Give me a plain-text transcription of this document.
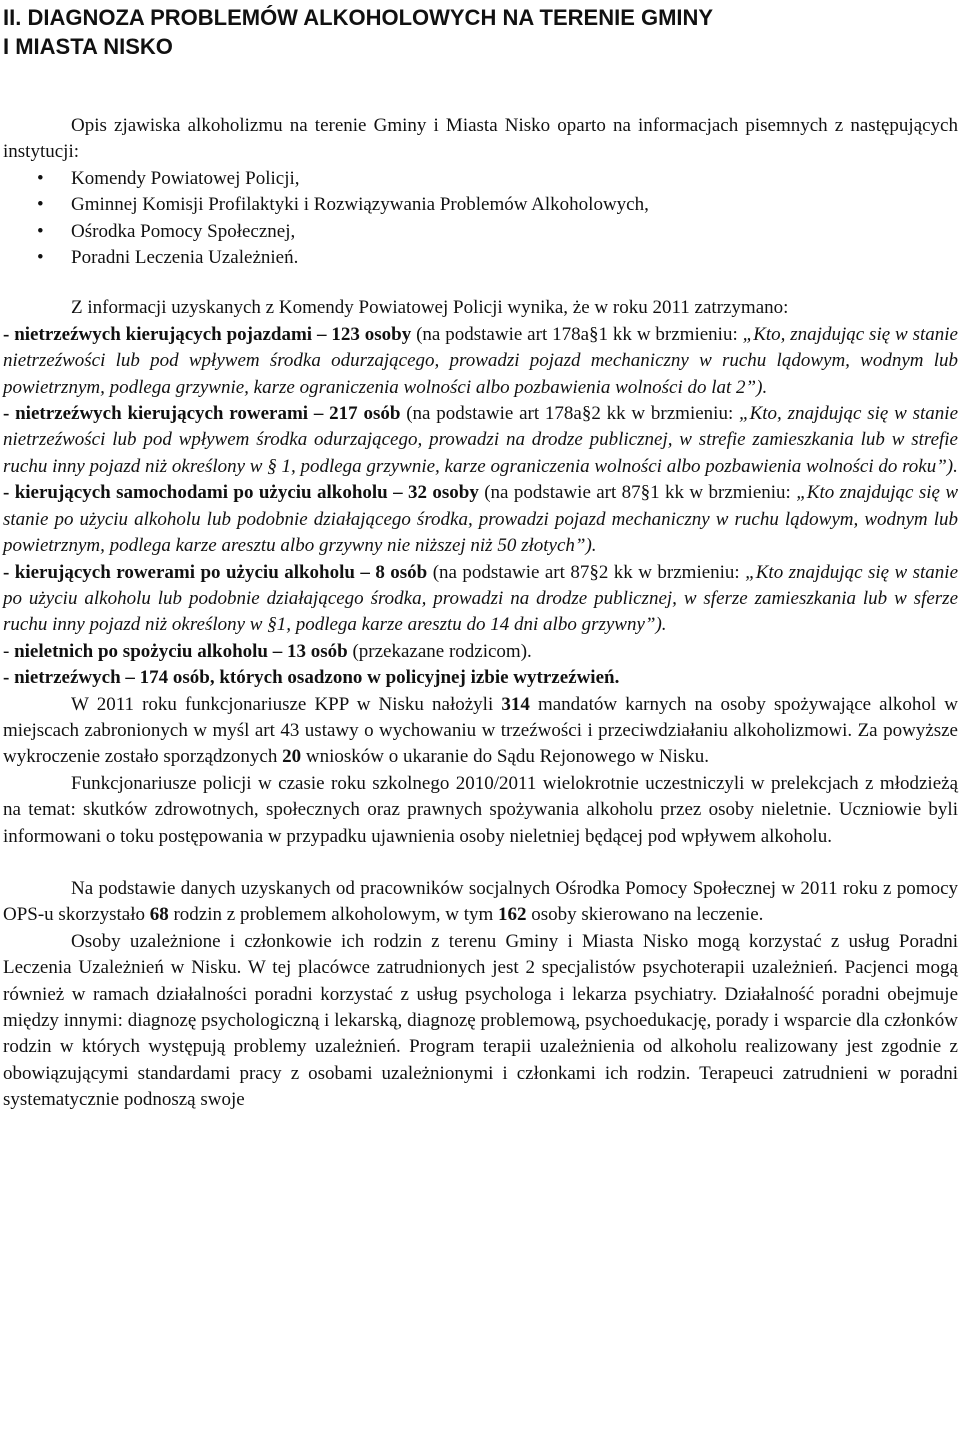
II. DIAGNOZA PROBLEMÓW ALKOHOLOWYCH NA TERENIE GMINY
I MIASTA NISKO

Opis zjawiska alkoholizmu na terenie Gminy i Miasta Nisko oparto na informacjach pisemnych z następujących instytucji:

• Komendy Powiatowej Policji,
• Gminnej Komisji Profilaktyki i Rozwiązywania Problemów Alkoholowych,
• Ośrodka Pomocy Społecznej,
• Poradni Leczenia Uzależnień.

Z informacji uzyskanych z Komendy Powiatowej Policji wynika, że w roku 2011 zatrzymano:

- nietrzeźwych kierujących pojazdami – 123 osoby (na podstawie art 178a§1 kk w brzmieniu: „Kto, znajdując się w stanie nietrzeźwości lub pod wpływem środka odurzającego, prowadzi pojazd mechaniczny w ruchu lądowym, wodnym lub powietrznym, podlega grzywnie, karze ograniczenia wolności albo pozbawienia wolności do lat 2”).

- nietrzeźwych kierujących rowerami – 217 osób (na podstawie art 178a§2 kk w brzmieniu: „Kto, znajdując się w stanie nietrzeźwości lub pod wpływem środka odurzającego, prowadzi na drodze publicznej, w strefie zamieszkania lub w strefie ruchu inny pojazd niż określony w § 1, podlega grzywnie, karze ograniczenia wolności albo pozbawienia wolności do roku”).

- kierujących samochodami po użyciu alkoholu – 32 osoby (na podstawie art 87§1 kk w brzmieniu: „Kto znajdując się w stanie po użyciu alkoholu lub podobnie działającego środka, prowadzi pojazd mechaniczny w ruchu lądowym, wodnym lub powietrznym, podlega karze aresztu albo grzywny nie niższej niż 50 złotych”).

- kierujących rowerami po użyciu alkoholu – 8 osób (na podstawie art 87§2 kk w brzmieniu: „Kto znajdując się w stanie po użyciu alkoholu lub podobnie działającego środka, prowadzi na drodze publicznej, w sferze zamieszkania lub w sferze ruchu inny pojazd niż określony w §1, podlega karze aresztu do 14 dni albo grzywny”).

- nieletnich po spożyciu alkoholu – 13 osób (przekazane rodzicom).

- nietrzeźwych – 174 osób, których osadzono w policyjnej izbie wytrzeźwień.

W 2011 roku funkcjonariusze KPP w Nisku nałożyli 314 mandatów karnych na osoby spożywające alkohol w miejscach zabronionych w myśl art 43 ustawy o wychowaniu w trzeźwości i przeciwdziałaniu alkoholizmowi. Za powyższe wykroczenie zostało sporządzonych 20 wniosków o ukaranie do Sądu Rejonowego w Nisku.

Funkcjonariusze policji w czasie roku szkolnego 2010/2011 wielokrotnie uczestniczyli w prelekcjach z młodzieżą na temat: skutków zdrowotnych, społecznych oraz prawnych spożywania alkoholu przez osoby nieletnie. Uczniowie byli informowani o toku postępowania w przypadku ujawnienia osoby nieletniej będącej pod wpływem alkoholu.

Na podstawie danych uzyskanych od pracowników socjalnych Ośrodka Pomocy Społecznej w 2011 roku z pomocy OPS-u skorzystało 68 rodzin z problemem alkoholowym, w tym 162 osoby skierowano na leczenie.

Osoby uzależnione i członkowie ich rodzin z terenu Gminy i Miasta Nisko mogą korzystać z usług Poradni Leczenia Uzależnień w Nisku. W tej placówce zatrudnionych jest 2 specjalistów psychoterapii uzależnień. Pacjenci mogą również w ramach działalności poradni korzystać z usług psychologa i lekarza psychiatry. Działalność poradni obejmuje między innymi: diagnozę psychologiczną i lekarską, diagnozę problemową, psychoedukację, porady i wsparcie dla członków rodzin w których występują problemy uzależnień. Program terapii uzależnienia od alkoholu realizowany jest zgodnie z obowiązującymi standardami pracy z osobami uzależnionymi i członkami ich rodzin. Terapeuci zatrudnieni w poradni systematycznie podnoszą swoje
